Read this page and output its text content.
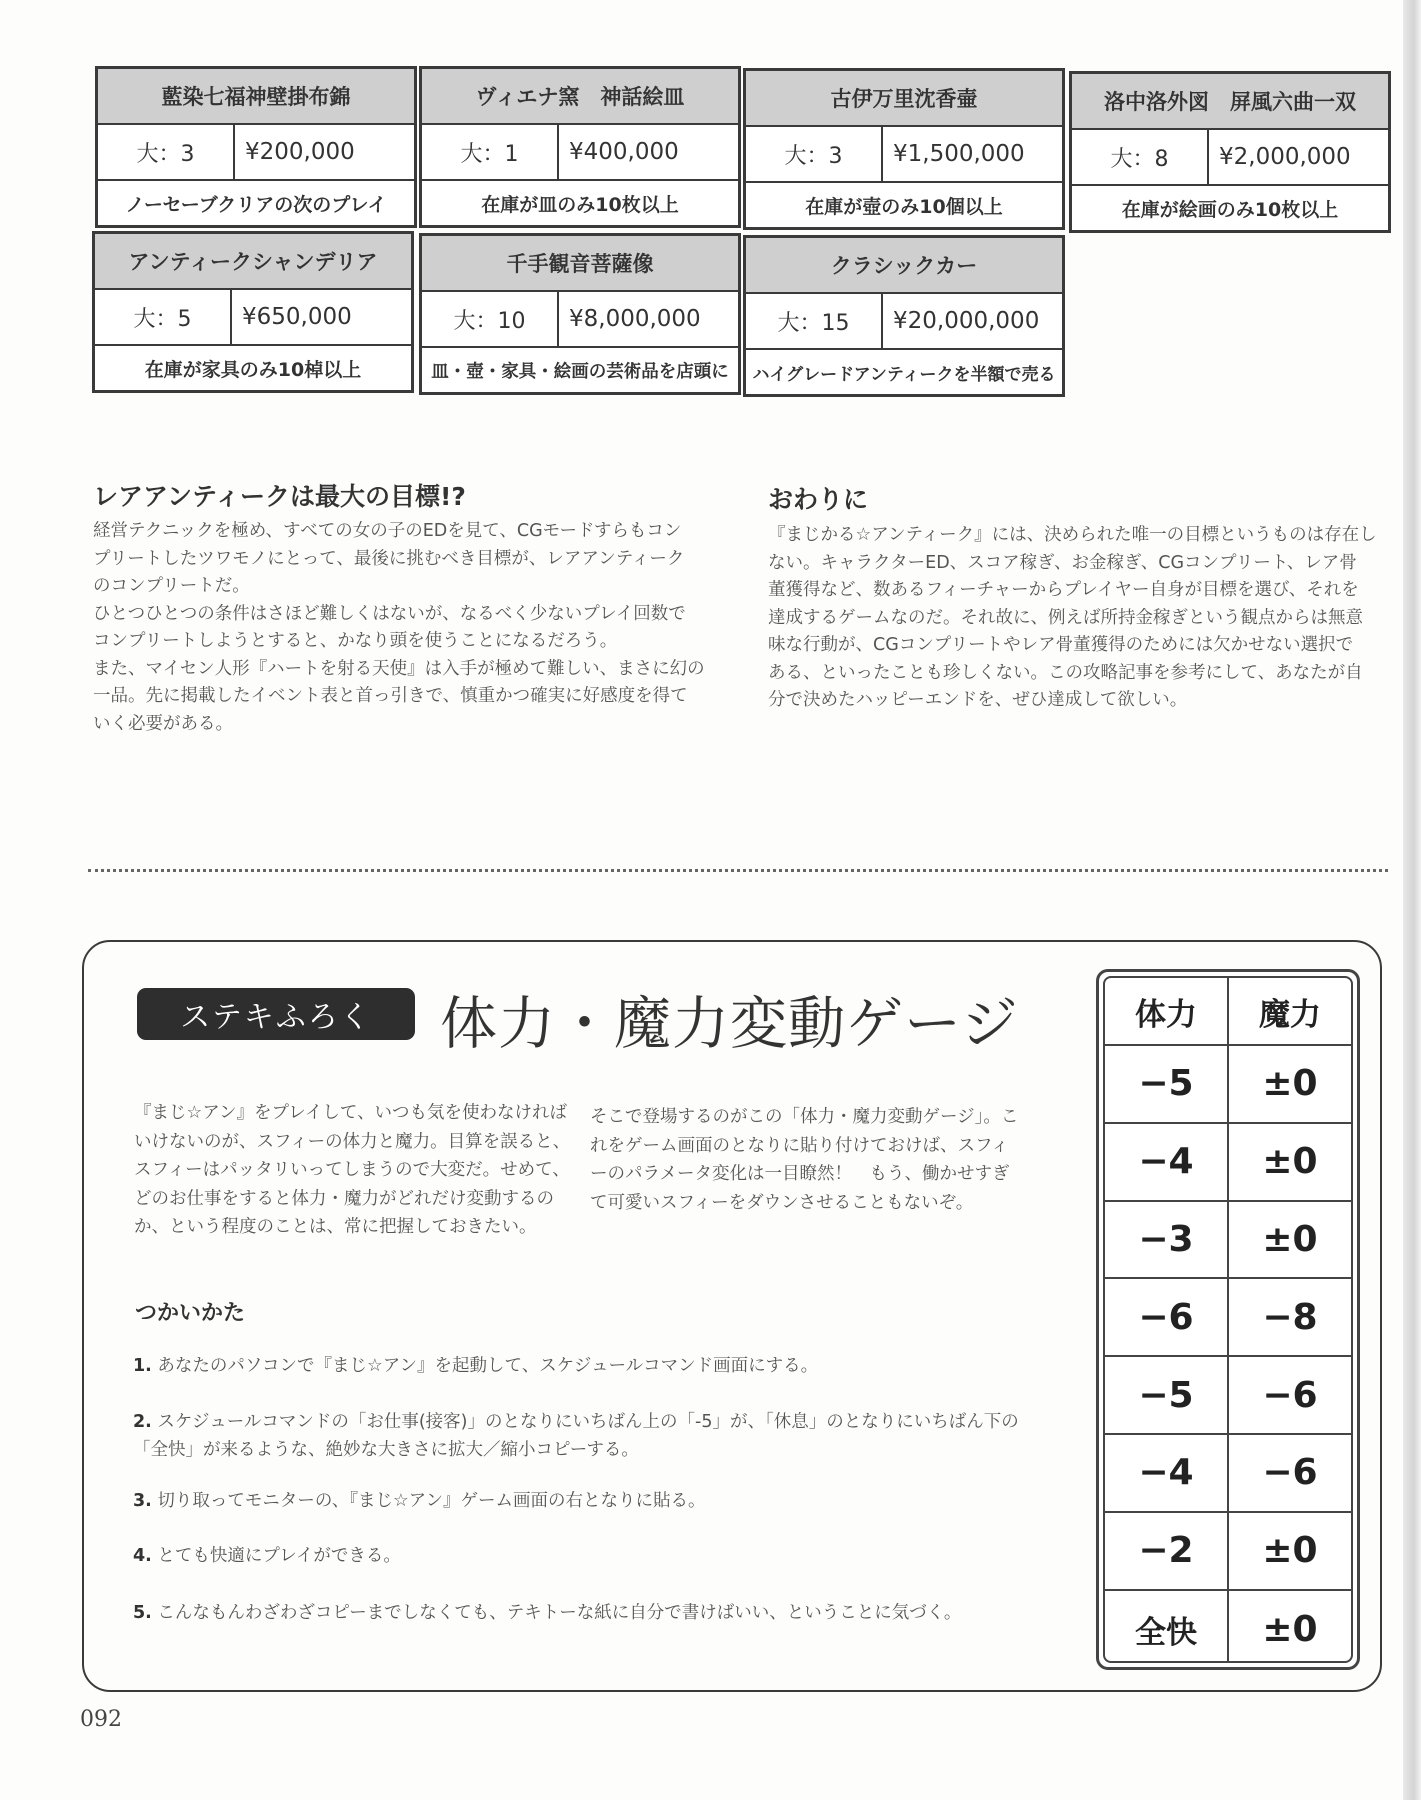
藍染七福神壁掛布錦
大：3	¥200,000
ノーセーブクリアの次のプレイ
ヴィエナ窯　神話絵皿
大：1	¥400,000
在庫が皿のみ10枚以上
古伊万里沈香壷
大：3	¥1,500,000
在庫が壺のみ10個以上
洛中洛外図　屏風六曲一双
大：8	¥2,000,000
在庫が絵画のみ10枚以上
アンティークシャンデリア
大：5	¥650,000
在庫が家具のみ10棹以上
千手観音菩薩像
大：10	¥8,000,000
皿・壺・家具・絵画の芸術品を店頭に
クラシックカー
大：15	¥20,000,000
ハイグレードアンティークを半額で売る
レアアンティークは最大の目標!?
経営テクニックを極め、すべての女の子のEDを見て、CGモードすらもコン
プリートしたツワモノにとって、最後に挑むべき目標が、レアアンティーク
のコンプリートだ。
ひとつひとつの条件はさほど難しくはないが、なるべく少ないプレイ回数で
コンプリートしようとすると、かなり頭を使うことになるだろう。
また、マイセン人形『ハートを射る天使』は入手が極めて難しい、まさに幻の
一品。先に掲載したイベント表と首っ引きで、慎重かつ確実に好感度を得て
いく必要がある。
おわりに
『まじかる☆アンティーク』には、決められた唯一の目標というものは存在し
ない。キャラクターED、スコア稼ぎ、お金稼ぎ、CGコンプリート、レア骨
董獲得など、数あるフィーチャーからプレイヤー自身が目標を選び、それを
達成するゲームなのだ。それ故に、例えば所持金稼ぎという観点からは無意
味な行動が、CGコンプリートやレア骨董獲得のためには欠かせない選択で
ある、といったことも珍しくない。この攻略記事を参考にして、あなたが自
分で決めたハッピーエンドを、ぜひ達成して欲しい。
ステキふろく	体力・魔力変動ゲージ
『まじ☆アン』をプレイして、いつも気を使わなければ
いけないのが、スフィーの体力と魔力。目算を誤ると、
スフィーはパッタリいってしまうので大変だ。せめて、
どのお仕事をすると体力・魔力がどれだけ変動するの
か、という程度のことは、常に把握しておきたい。
そこで登場するのがこの「体力・魔力変動ゲージ」。こ
れをゲーム画面のとなりに貼り付けておけば、スフィ
ーのパラメータ変化は一目瞭然！　もう、働かせすぎ
て可愛いスフィーをダウンさせることもないぞ。
つかいかた
1. あなたのパソコンで『まじ☆アン』を起動して、スケジュールコマンド画面にする。
2. スケジュールコマンドの「お仕事(接客)」のとなりにいちばん上の「-5」が、「休息」のとなりにいちばん下の
「全快」が来るような、絶妙な大きさに拡大／縮小コピーする。
3. 切り取ってモニターの、『まじ☆アン』ゲーム画面の右となりに貼る。
4. とても快適にプレイができる。
5. こんなもんわざわざコピーまでしなくても、テキトーな紙に自分で書けばいい、ということに気づく。
体力	魔力
−5	±0
−4	±0
−3	±0
−6	−8
−5	−6
−4	−6
−2	±0
全快	±0
092
